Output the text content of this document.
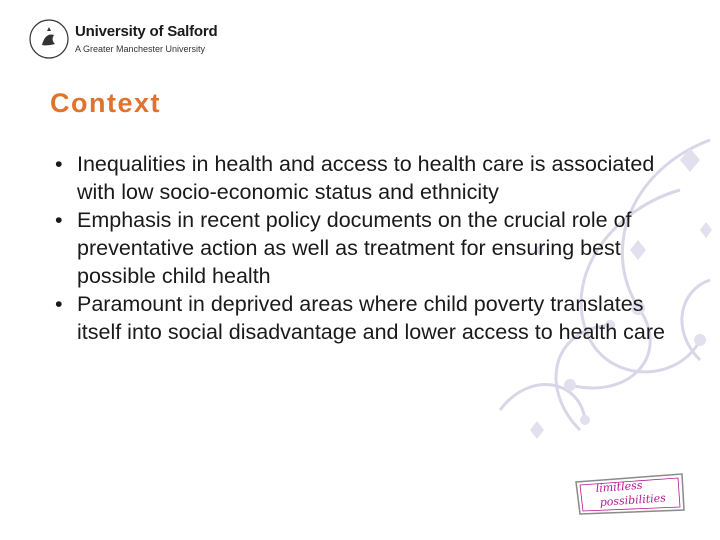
University of Salford
A Greater Manchester University
Context
• Inequalities in health and access to health care is associated with low socio-economic status and ethnicity
• Emphasis in recent policy documents on the crucial role of preventative action as well as treatment for ensuring best possible child health
• Paramount in deprived areas where child poverty translates itself into social disadvantage and lower access to health care
limitless
possibilities
